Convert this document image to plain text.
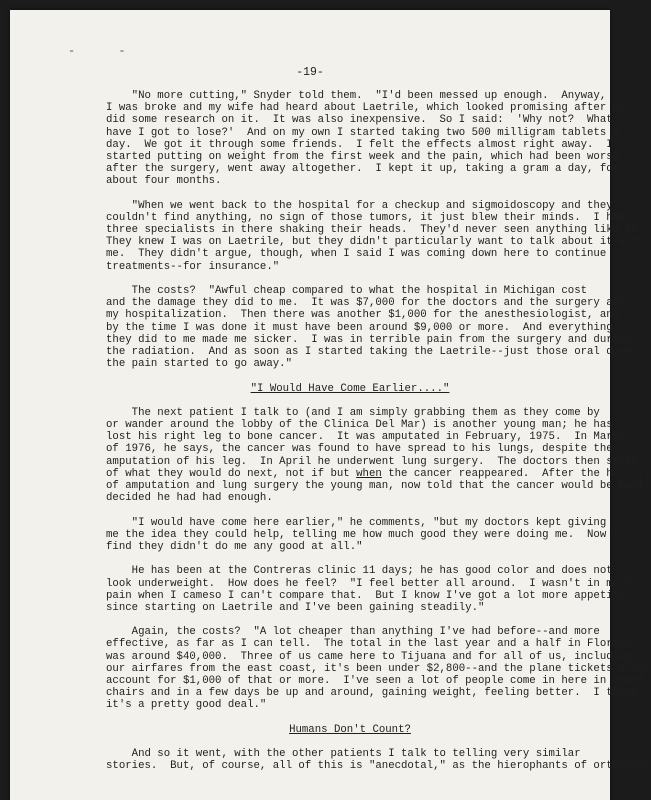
- -
-19-
"No more cutting," Snyder told them.  "I'd been messed up enough.  Anyway,
I was broke and my wife had heard about Laetrile, which looked promising after we
did some research on it.  It was also inexpensive.  So I said:  'Why not?  What
have I got to lose?'  And on my own I started taking two 500 milligram tablets a
day.  We got it through some friends.  I felt the effects almost right away.  I
started putting on weight from the first week and the pain, which had been worse
after the surgery, went away altogether.  I kept it up, taking a gram a day, for
about four months.
"When we went back to the hospital for a checkup and sigmoidoscopy and they
couldn't find anything, no sign of those tumors, it just blew their minds.  I had
three specialists in there shaking their heads.  They'd never seen anything like it.
They knew I was on Laetrile, but they didn't particularly want to talk about it with
me.  They didn't argue, though, when I said I was coming down here to continue
treatments--for insurance."
The costs?  "Awful cheap compared to what the hospital in Michigan cost
and the damage they did to me.  It was $7,000 for the doctors and the surgery and
my hospitalization.  Then there was another $1,000 for the anesthesiologist, and
by the time I was done it must have been around $9,000 or more.  And everything
they did to me made me sicker.  I was in terrible pain from the surgery and during
the radiation.  And as soon as I started taking the Laetrile--just those oral doses--
the pain started to go away."
"I Would Have Come Earlier...."
The next patient I talk to (and I am simply grabbing them as they come by
or wander around the lobby of the Clinica Del Mar) is another young man; he has
lost his right leg to bone cancer.  It was amputated in February, 1975.  In March
of 1976, he says, the cancer was found to have spread to his lungs, despite the
amputation of his leg.  In April he underwent lung surgery.  The doctors then spoke
of what they would do next, not if but when the cancer reappeared.  After the horrors
of amputation and lung surgery the young man, now told that the cancer would be back,
decided he had had enough.
"I would have come here earlier," he comments, "but my doctors kept giving
me the idea they could help, telling me how much good they were doing me.  Now I
find they didn't do me any good at all."
He has been at the Contreras clinic 11 days; he has good color and does not
look underweight.  How does he feel?  "I feel better all around.  I wasn't in much
pain when I cameso I can't compare that.  But I know I've got a lot more appetite
since starting on Laetrile and I've been gaining steadily."
Again, the costs?  "A lot cheaper than anything I've had before--and more
effective, as far as I can tell.  The total in the last year and a half in Florida
was around $40,000.  Three of us came here to Tijuana and for all of us, including
our airfares from the east coast, it's been under $2,800--and the plane tickets alone
account for $1,000 of that or more.  I've seen a lot of people come in here in wheel-
chairs and in a few days be up and around, gaining weight, feeling better.  I think
it's a pretty good deal."
Humans Don't Count?
And so it went, with the other patients I talk to telling very similar
stories.  But, of course, all of this is "anecdotal," as the hierophants of orthodoxy
